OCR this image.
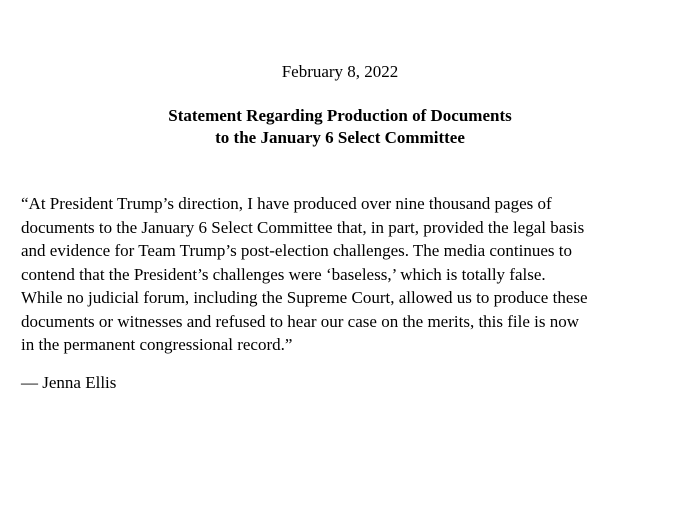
February 8, 2022
Statement Regarding Production of Documents
to the January 6 Select Committee

“At President Trump’s direction, I have produced over nine thousand pages of
documents to the January 6 Select Committee that, in part, provided the legal basis
and evidence for Team Trump’s post-election challenges. The media continues to
contend that the President’s challenges were ‘baseless,’ which is totally false.
While no judicial forum, including the Supreme Court, allowed us to produce these
documents or witnesses and refused to hear our case on the merits, this file is now
in the permanent congressional record.”

— Jenna Ellis
